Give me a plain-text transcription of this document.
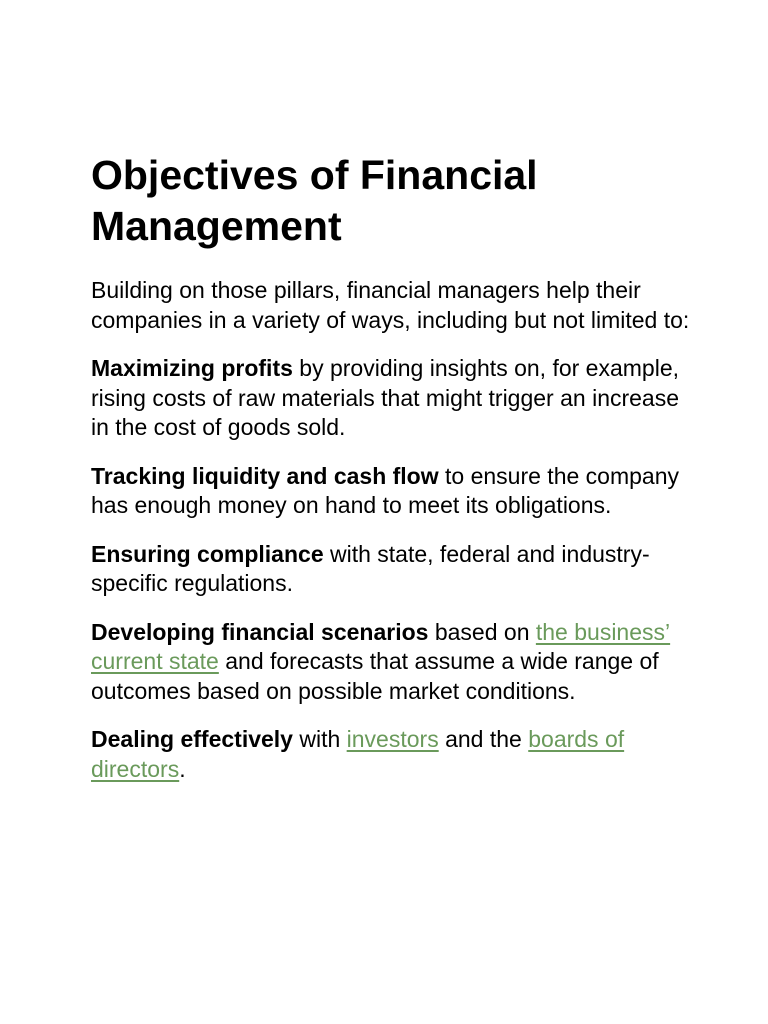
Objectives of Financial Management

Building on those pillars, financial managers help their companies in a variety of ways, including but not limited to:

Maximizing profits by providing insights on, for example, rising costs of raw materials that might trigger an increase in the cost of goods sold.

Tracking liquidity and cash flow to ensure the company has enough money on hand to meet its obligations.

Ensuring compliance with state, federal and industry-specific regulations.

Developing financial scenarios based on the business’ current state and forecasts that assume a wide range of outcomes based on possible market conditions.

Dealing effectively with investors and the boards of directors.
